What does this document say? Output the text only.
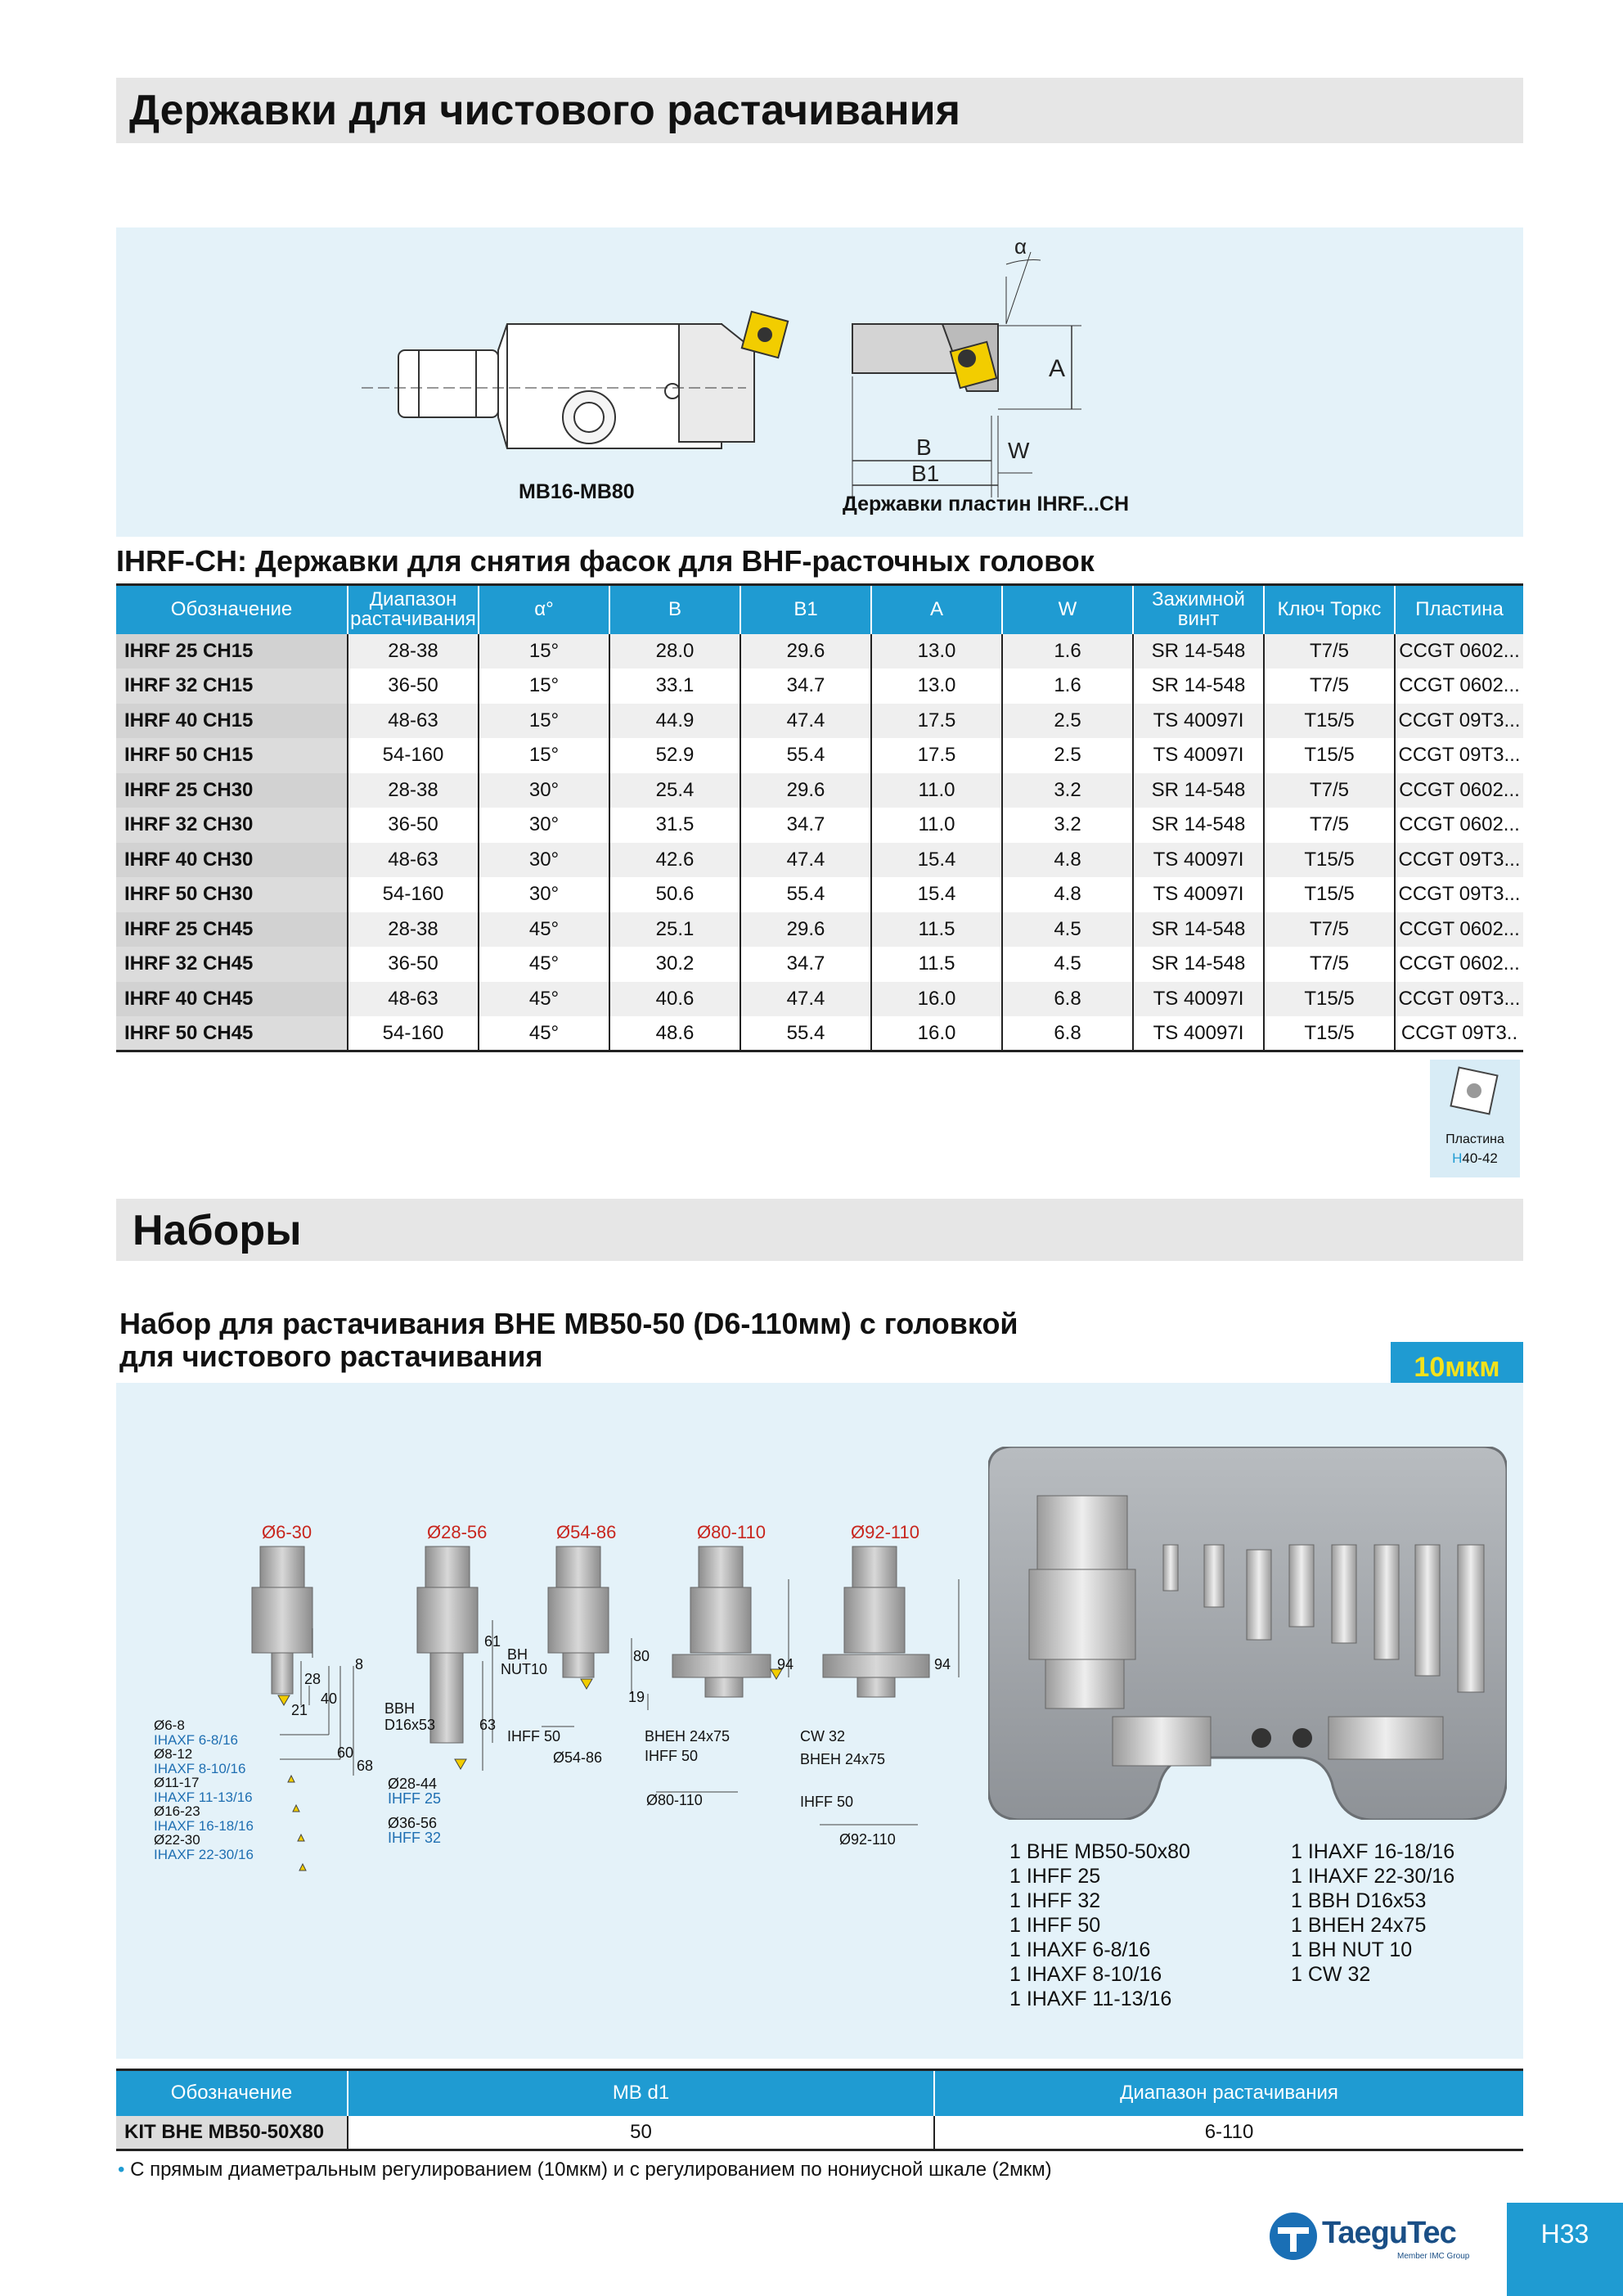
Державки для чистового растачивания
α
A
B
B1
W
MB16-MB80
Державки пластин IHRF...CH
IHRF-CH: Державки для снятия фасок для BHF-расточных головок
Обозначение	Диапазон растачивания	α°	B	B1	A	W	Зажимной винт	Ключ Торкс	Пластина
IHRF 25 CH15	28-38	15°	28.0	29.6	13.0	1.6	SR 14-548	T7/5	CCGT 0602...
IHRF 32 CH15	36-50	15°	33.1	34.7	13.0	1.6	SR 14-548	T7/5	CCGT 0602...
IHRF 40 CH15	48-63	15°	44.9	47.4	17.5	2.5	TS 40097I	T15/5	CCGT 09T3...
IHRF 50 CH15	54-160	15°	52.9	55.4	17.5	2.5	TS 40097I	T15/5	CCGT 09T3...
IHRF 25 CH30	28-38	30°	25.4	29.6	11.0	3.2	SR 14-548	T7/5	CCGT 0602...
IHRF 32 CH30	36-50	30°	31.5	34.7	11.0	3.2	SR 14-548	T7/5	CCGT 0602...
IHRF 40 CH30	48-63	30°	42.6	47.4	15.4	4.8	TS 40097I	T15/5	CCGT 09T3...
IHRF 50 CH30	54-160	30°	50.6	55.4	15.4	4.8	TS 40097I	T15/5	CCGT 09T3...
IHRF 25 CH45	28-38	45°	25.1	29.6	11.5	4.5	SR 14-548	T7/5	CCGT 0602...
IHRF 32 CH45	36-50	45°	30.2	34.7	11.5	4.5	SR 14-548	T7/5	CCGT 0602...
IHRF 40 CH45	48-63	45°	40.6	47.4	16.0	6.8	TS 40097I	T15/5	CCGT 09T3...
IHRF 50 CH45	54-160	45°	48.6	55.4	16.0	6.8	TS 40097I	T15/5	CCGT 09T3..
Пластина
H40-42
Наборы
Набор для растачивания BHE MB50-50 (D6-110мм) с головкой
для чистового растачивания	10мкм
Ø6-30	Ø28-56	Ø54-86	Ø80-110	Ø92-110
8
21
28
40
60
68
Ø6-8
IHAXF 6-8/16
Ø8-12
IHAXF 8-10/16
Ø11-17
IHAXF 11-13/16
Ø16-23
IHAXF 16-18/16
Ø22-30
IHAXF 22-30/16
BBH
D16x53
Ø28-44
IHFF 25
Ø36-56
IHFF 32
61
63
BH
NUT10
IHFF 50
Ø54-86
80
19
BHEH 24x75
IHFF 50
Ø80-110
94
CW 32
BHEH 24x75
IHFF 50
Ø92-110
94
1 BHE MB50-50x80
1 IHFF 25
1 IHFF 32
1 IHFF 50
1 IHAXF 6-8/16
1 IHAXF 8-10/16
1 IHAXF 11-13/16
1 IHAXF 16-18/16
1 IHAXF 22-30/16
1 BBH D16x53
1 BHEH 24x75
1 BH NUT 10
1 CW 32
Обозначение	MB d1	Диапазон растачивания
KIT BHE MB50-50X80	50	6-110
• С прямым диаметральным регулированием (10мкм) и с регулированием по нониусной шкале (2мкм)
TaeguTec
Member IMC Group
H33
